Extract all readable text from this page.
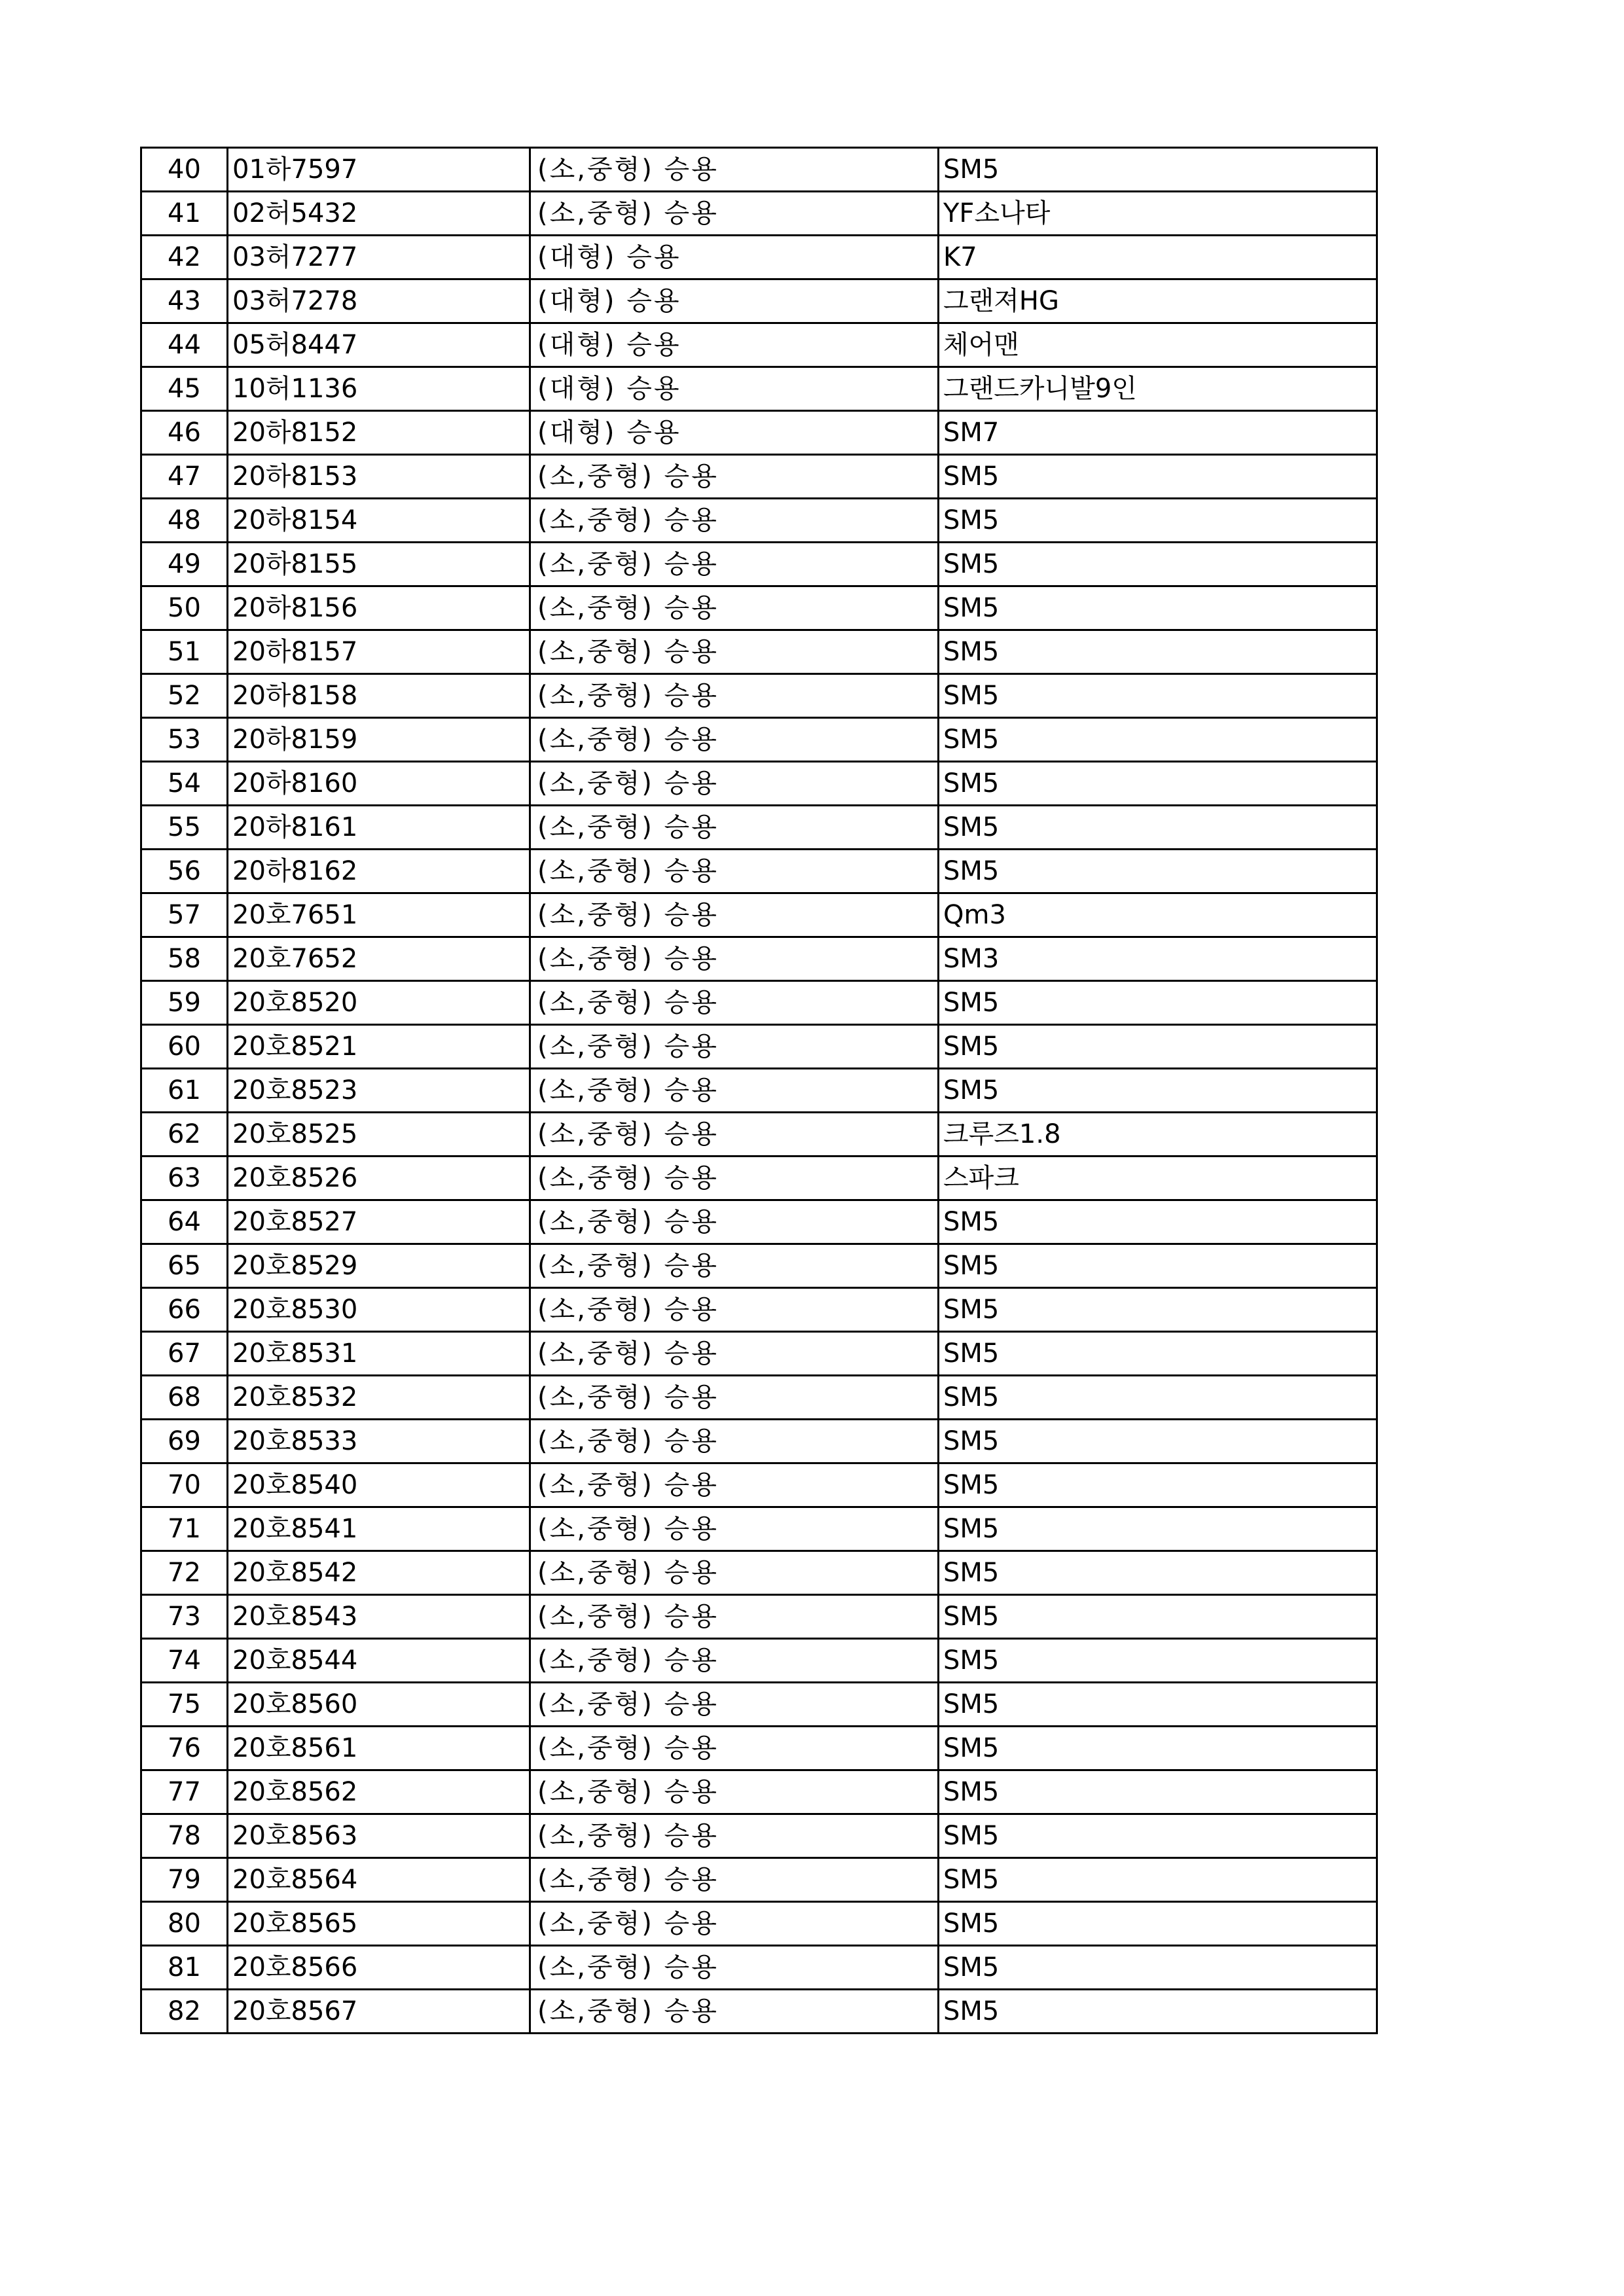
40	01하7597	(소,중형) 승용	SM5
41	02허5432	(소,중형) 승용	YF소나타
42	03허7277	(대형) 승용	K7
43	03허7278	(대형) 승용	그랜져HG
44	05허8447	(대형) 승용	체어맨
45	10허1136	(대형) 승용	그랜드카니발9인
46	20하8152	(대형) 승용	SM7
47	20하8153	(소,중형) 승용	SM5
48	20하8154	(소,중형) 승용	SM5
49	20하8155	(소,중형) 승용	SM5
50	20하8156	(소,중형) 승용	SM5
51	20하8157	(소,중형) 승용	SM5
52	20하8158	(소,중형) 승용	SM5
53	20하8159	(소,중형) 승용	SM5
54	20하8160	(소,중형) 승용	SM5
55	20하8161	(소,중형) 승용	SM5
56	20하8162	(소,중형) 승용	SM5
57	20호7651	(소,중형) 승용	Qm3
58	20호7652	(소,중형) 승용	SM3
59	20호8520	(소,중형) 승용	SM5
60	20호8521	(소,중형) 승용	SM5
61	20호8523	(소,중형) 승용	SM5
62	20호8525	(소,중형) 승용	크루즈1.8
63	20호8526	(소,중형) 승용	스파크
64	20호8527	(소,중형) 승용	SM5
65	20호8529	(소,중형) 승용	SM5
66	20호8530	(소,중형) 승용	SM5
67	20호8531	(소,중형) 승용	SM5
68	20호8532	(소,중형) 승용	SM5
69	20호8533	(소,중형) 승용	SM5
70	20호8540	(소,중형) 승용	SM5
71	20호8541	(소,중형) 승용	SM5
72	20호8542	(소,중형) 승용	SM5
73	20호8543	(소,중형) 승용	SM5
74	20호8544	(소,중형) 승용	SM5
75	20호8560	(소,중형) 승용	SM5
76	20호8561	(소,중형) 승용	SM5
77	20호8562	(소,중형) 승용	SM5
78	20호8563	(소,중형) 승용	SM5
79	20호8564	(소,중형) 승용	SM5
80	20호8565	(소,중형) 승용	SM5
81	20호8566	(소,중형) 승용	SM5
82	20호8567	(소,중형) 승용	SM5
